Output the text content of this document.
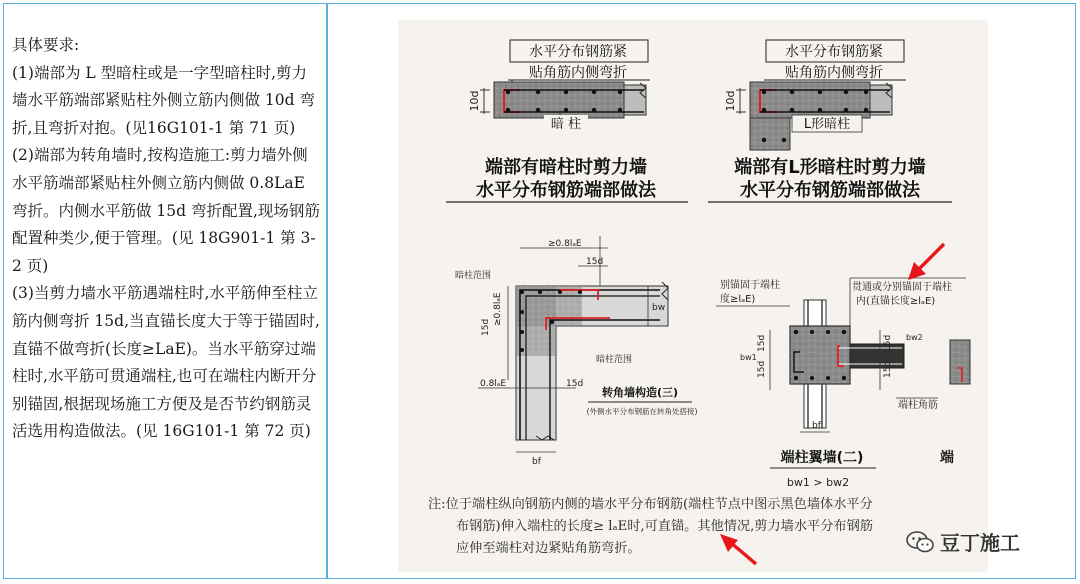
具体要求:

(1)端部为 L 型暗柱或是一字型暗柱时,剪力墙水平筋端部紧贴柱外侧立筋内侧做 10d 弯折,且弯折对抱。(见16G101-1 第 71 页)

(2)端部为转角墙时,按构造施工:剪力墙外侧水平筋端部紧贴柱外侧立筋内侧做 0.8LaE 弯折。内侧水平筋做 15d 弯折配置,现场钢筋配置种类少,便于管理。(见 18G901-1 第 3-2 页)

(3)当剪力墙水平筋遇端柱时,水平筋伸至柱立筋内侧弯折 15d,当直锚长度大于等于锚固时,直锚不做弯折(长度≥LaE)。当水平筋穿过端柱时,水平筋可贯通端柱,也可在端柱内断开分别锚固,根据现场施工方便及是否节约钢筋灵活选用构造做法。(见 16G101-1 第 72 页)

水平分布钢筋紧
贴角筋内侧弯折
10d
暗 柱
端部有暗柱时剪力墙
水平分布钢筋端部做法
水平分布钢筋紧
贴角筋内侧弯折
10d
L形暗柱
端部有L形暗柱时剪力墙
水平分布钢筋端部做法
≥0.8lₐE
15d
暗柱范围
≥0.8lₐE
15d
bw
暗柱范围
0.8lₐE	15d
bf
转角墙构造(三)
(外侧水平分布钢筋在转角处搭接)
别锚固于端柱
度≥lₐE)
贯通或分别锚固于端柱
内(直锚长度≥lₐE)
15d
15d
15d
15d
bf
bw1
bw2
端柱角筋
端柱翼墙(二)
bw1 > bw2
端
注:位于端柱纵向钢筋内侧的墙水平分布钢筋(端柱节点中图示黑色墙体水平分
布钢筋)伸入端柱的长度≥ lₐE时,可直锚。其他情况,剪力墙水平分布钢筋
应伸至端柱对边紧贴角筋弯折。	豆丁施工
